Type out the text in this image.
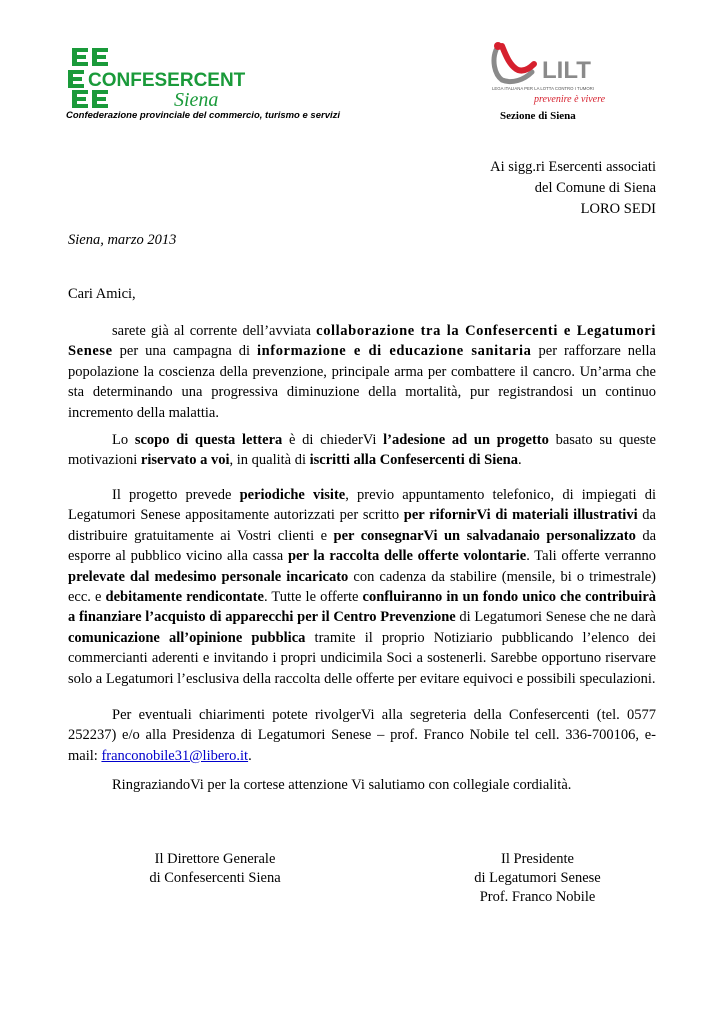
CONFESERCENTI
Siena
Confederazione provinciale del commercio, turismo e servizi
LILT
LEGA ITALIANA PER LA LOTTA CONTRO I TUMORI
prevenire è vivere
Sezione di Siena
Ai sigg.ri Esercenti associati
del Comune di Siena
LORO SEDI
Siena, marzo 2013
Cari Amici,

sarete già al corrente dell’avviata collaborazione tra la Confesercenti e Legatumori Senese per una campagna di informazione e di educazione sanitaria per rafforzare nella popolazione la coscienza della prevenzione, principale arma per combattere il cancro. Un’arma che sta determinando una progressiva diminuzione della mortalità, pur registrandosi un continuo incremento della malattia.

Lo scopo di questa lettera è di chiederVi l’adesione ad un progetto basato su queste motivazioni riservato a voi, in qualità di iscritti alla Confesercenti di Siena.

Il progetto prevede periodiche visite, previo appuntamento telefonico, di impiegati di Legatumori Senese appositamente autorizzati per scritto per rifornirVi di materiali illustrativi da distribuire gratuitamente ai Vostri clienti e per consegnarVi un salvadanaio personalizzato da esporre al pubblico vicino alla cassa per la raccolta delle offerte volontarie. Tali offerte verranno prelevate dal medesimo personale incaricato con cadenza da stabilire (mensile, bi o trimestrale) ecc. e debitamente rendicontate. Tutte le offerte confluiranno in un fondo unico che contribuirà a finanziare l’acquisto di apparecchi per il Centro Prevenzione di Legatumori Senese che ne darà comunicazione all’opinione pubblica tramite il proprio Notiziario pubblicando l’elenco dei commercianti aderenti e invitando i propri undicimila Soci a sostenerli. Sarebbe opportuno riservare solo a Legatumori l’esclusiva della raccolta delle offerte per evitare equivoci e possibili speculazioni.

Per eventuali chiarimenti potete rivolgerVi alla segreteria della Confesercenti (tel. 0577 252237) e/o alla Presidenza di Legatumori Senese – prof. Franco Nobile tel cell. 336-700106, e-mail: franconobile31@libero.it.

RingraziandoVi per la cortese attenzione Vi salutiamo con collegiale cordialità.

Il Direttore Generale
di Confesercenti Siena
Il Presidente
di Legatumori Senese
Prof. Franco Nobile
